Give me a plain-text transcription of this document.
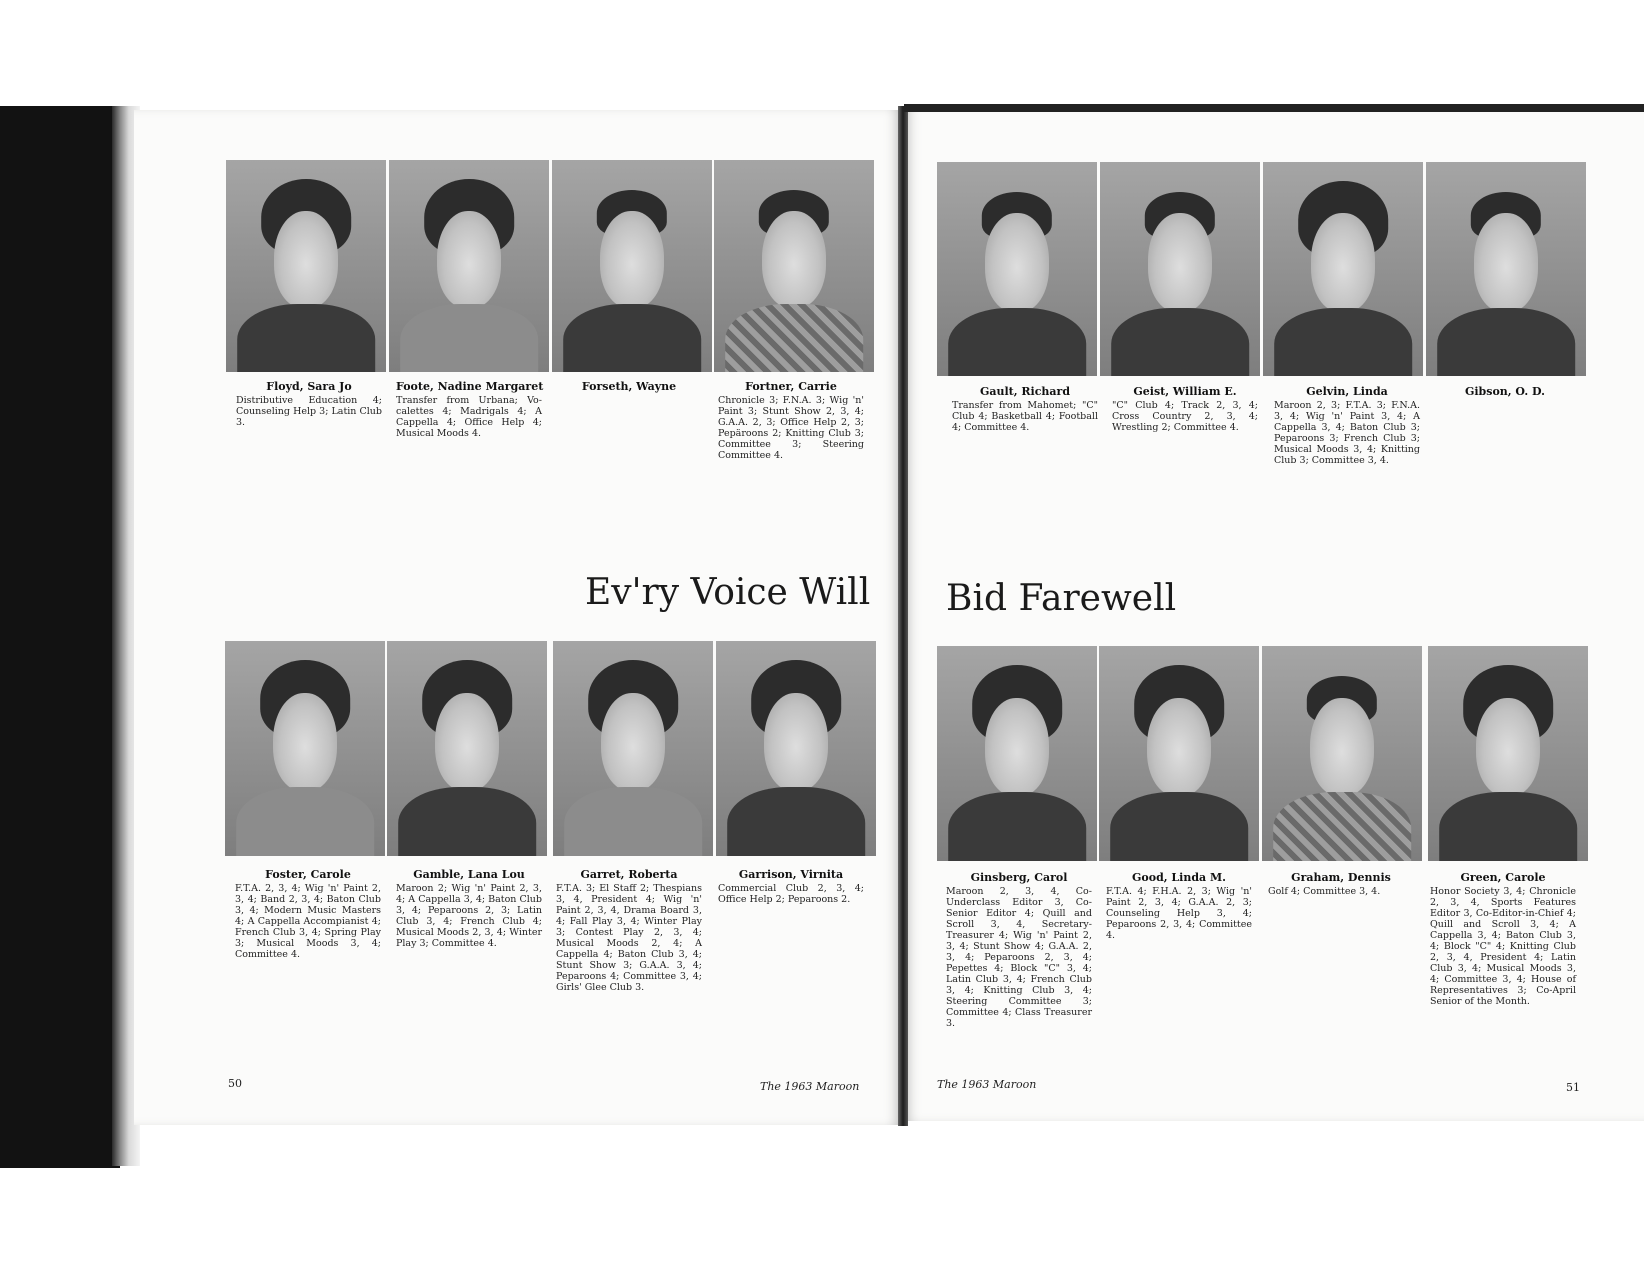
Floyd, Sara Jo
Distributive Education 4; Counseling Help 3; Latin Club 3.
Foote, Nadine Margaret
Transfer from Urbana; Vo-calettes 4; Madrigals 4; A Cappella 4; Office Help 4; Musical Moods 4.
Forseth, Wayne	Fortner, Carrie
Chronicle 3; F.N.A. 3; Wig 'n' Paint 3; Stunt Show 2, 3, 4; G.A.A. 2, 3; Office Help 2, 3; Pepäroons 2; Knitting Club 3; Committee 3; Steering Committee 4.
Gault, Richard
Transfer from Mahomet; "C" Club 4; Basketball 4; Football 4; Committee 4.
Geist, William E.
"C" Club 4; Track 2, 3, 4; Cross Country 2, 3, 4; Wrestling 2; Committee 4.
Gelvin, Linda
Maroon 2, 3; F.T.A. 3; F.N.A. 3, 4; Wig 'n' Paint 3, 4; A Cappella 3, 4; Baton Club 3; Peparoons 3; French Club 3; Musical Moods 3, 4; Knitting Club 3; Committee 3, 4.
Gibson, O. D.
Ev'ry Voice Will Bid Farewell
Foster, Carole
F.T.A. 2, 3, 4; Wig 'n' Paint 2, 3, 4; Band 2, 3, 4; Baton Club 3, 4; Modern Music Masters 4; A Cappella Accompianist 4; French Club 3, 4; Spring Play 3; Musical Moods 3, 4; Committee 4.
Gamble, Lana Lou
Maroon 2; Wig 'n' Paint 2, 3, 4; A Cappella 3, 4; Baton Club 3, 4; Peparoons 2, 3; Latin Club 3, 4; French Club 4; Musical Moods 2, 3, 4; Winter Play 3; Committee 4.
Garret, Roberta
F.T.A. 3; El Staff 2; Thespians 3, 4, President 4; Wig 'n' Paint 2, 3, 4, Drama Board 3, 4; Fall Play 3, 4; Winter Play 3; Contest Play 2, 3, 4; Musical Moods 2, 4; A Cappella 4; Baton Club 3, 4; Stunt Show 3; G.A.A. 3, 4; Peparoons 4; Committee 3, 4; Girls' Glee Club 3.
Garrison, Virnita
Commercial Club 2, 3, 4; Office Help 2; Peparoons 2.
Ginsberg, Carol
Maroon 2, 3, 4, Co-Underclass Editor 3, Co-Senior Editor 4; Quill and Scroll 3, 4, Secretary-Treasurer 4; Wig 'n' Paint 2, 3, 4; Stunt Show 4; G.A.A. 2, 3, 4; Peparoons 2, 3, 4; Pepettes 4; Block "C" 3, 4; Latin Club 3, 4; French Club 3, 4; Knitting Club 3, 4; Steering Committee 3; Committee 4; Class Treasurer 3.
Good, Linda M.
F.T.A. 4; F.H.A. 2, 3; Wig 'n' Paint 2, 3, 4; G.A.A. 2, 3; Counseling Help 3, 4; Peparoons 2, 3, 4; Committee 4.
Graham, Dennis
Golf 4; Committee 3, 4.
Green, Carole
Honor Society 3, 4; Chronicle 2, 3, 4, Sports Features Editor 3, Co-Editor-in-Chief 4; Quill and Scroll 3, 4; A Cappella 3, 4; Baton Club 3, 4; Block "C" 4; Knitting Club 2, 3, 4, President 4; Latin Club 3, 4; Musical Moods 3, 4; Committee 3, 4; House of Representatives 3; Co-April Senior of the Month.
50	The 1963 Maroon	The 1963 Maroon	51
